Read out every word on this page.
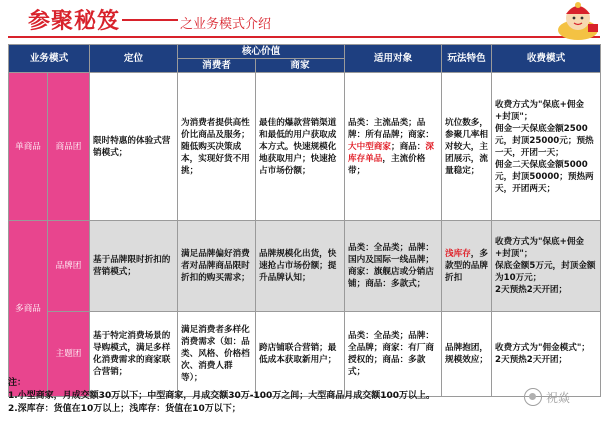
参聚秘笈	之业务模式介绍
业务模式		定位	核心价值		适用对象	玩法特色	收费模式
			消费者	商家			
单商品	商品团	限时特惠的体验式营销模式；	为消费者提供高性价比商品及服务；随低购买决策成本，实现好货不用挑；	最佳的爆款营销渠道和最低的用户获取成本方式。快速规模化地获取用户；快速抢占市场份额；	品类：主流品类；品牌：所有品牌；商家：大中型商家；商品：深库存单品，主流价格带；	坑位数多，参聚几率相对较大，主团展示，流量稳定；	收费方式为"保底+佣金+封顶"；
佣金一天保底金额2500元，封顶25000元；预热一天，开团一天；
佣金二天保底金额5000元，封顶50000；预热两天，开团两天；

多商品	品牌团	基于品牌限时折扣的营销模式；	满足品牌偏好消费者对品牌商品限时折扣的购买需求；	品牌规模化出货，快速抢占市场份额；提升品牌认知；	品类：全品类；品牌：国内及国际一线品牌；商家：旗舰店或分销店铺；商品：多款式；	浅库存，多款型的品牌折扣	收费方式为"保底+佣金+封顶"；
保底金额5万元，封顶金额为10万元；
2天预热2天开团；

	主题团	基于特定消费场景的导购模式，满足多样化消费需求的商家联合营销；	满足消费者多样化消费需求（如：品类、风格、价格档次、消费人群等）；	跨店铺联合营销；最低成本获取新用户；	品类：全品类；品牌：全品牌；商家：有厂商授权的；商品：多款式；	品牌抱团，规模效应；	收费方式为"佣金模式"；
2天预热2天开团；
注：
1.小型商家，月成交额30万以下；中型商家，月成交额30万-100万之间；大型商品月成交额100万以上。
2.深库存：货值在10万以上；浅库存：货值在10万以下；
祝焱
